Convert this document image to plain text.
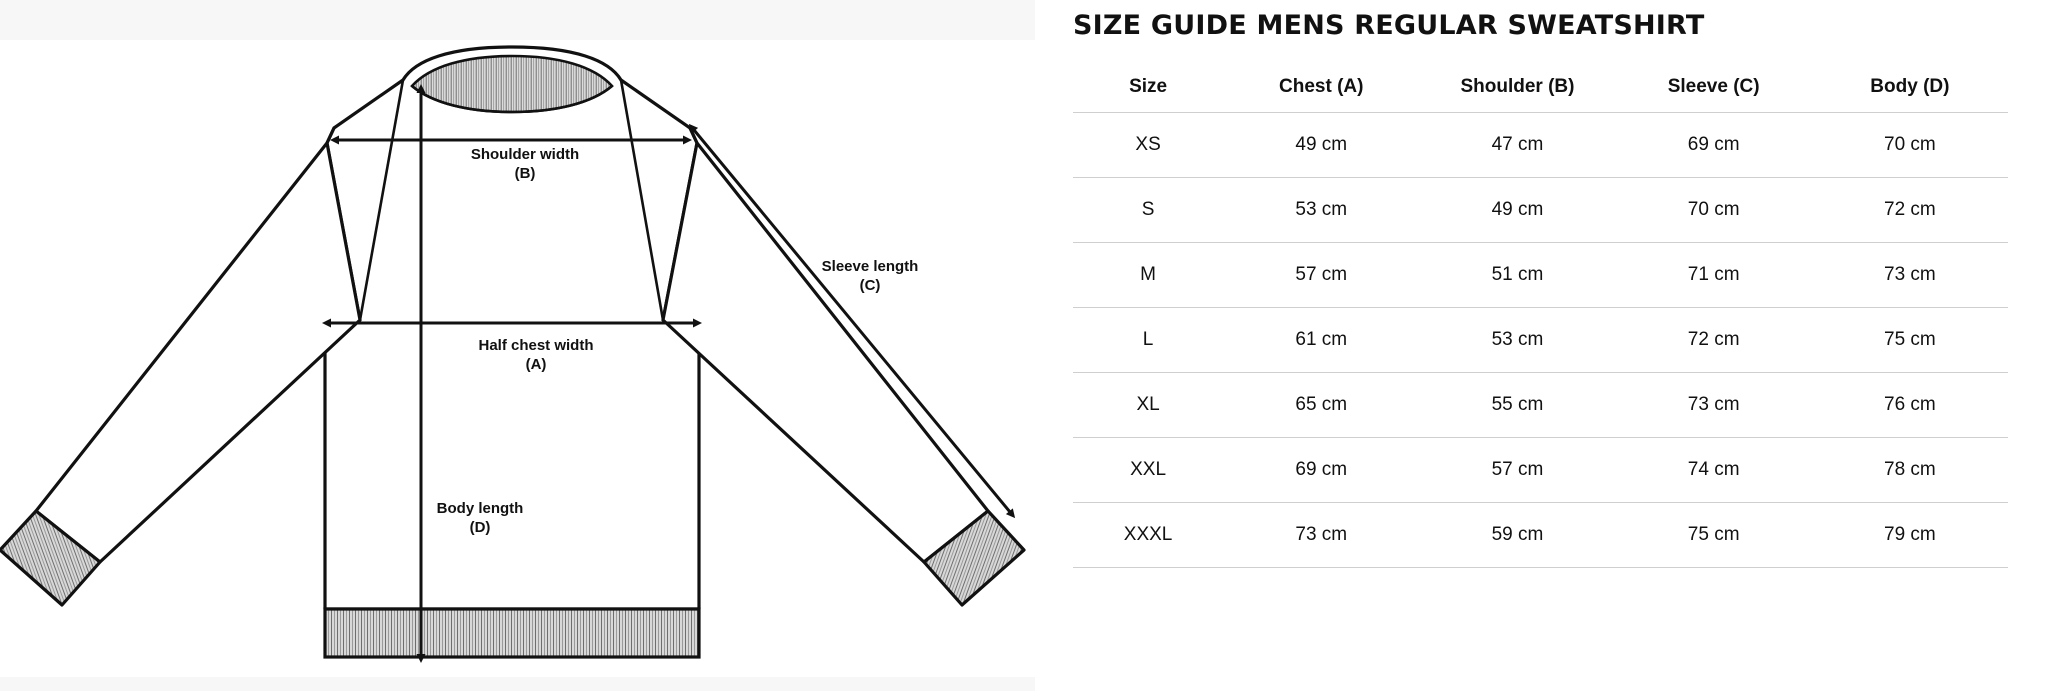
Shoulder width
(B)
Half chest width
(A)
Body length
(D)
Sleeve length
(C)
SIZE GUIDE MENS REGULAR SWEATSHIRT
Size	Chest (A)	Shoulder (B)	Sleeve (C)	Body (D)
XS	49 cm	47 cm	69 cm	70 cm
S	53 cm	49 cm	70 cm	72 cm
M	57 cm	51 cm	71 cm	73 cm
L	61 cm	53 cm	72 cm	75 cm
XL	65 cm	55 cm	73 cm	76 cm
XXL	69 cm	57 cm	74 cm	78 cm
XXXL	73 cm	59 cm	75 cm	79 cm
